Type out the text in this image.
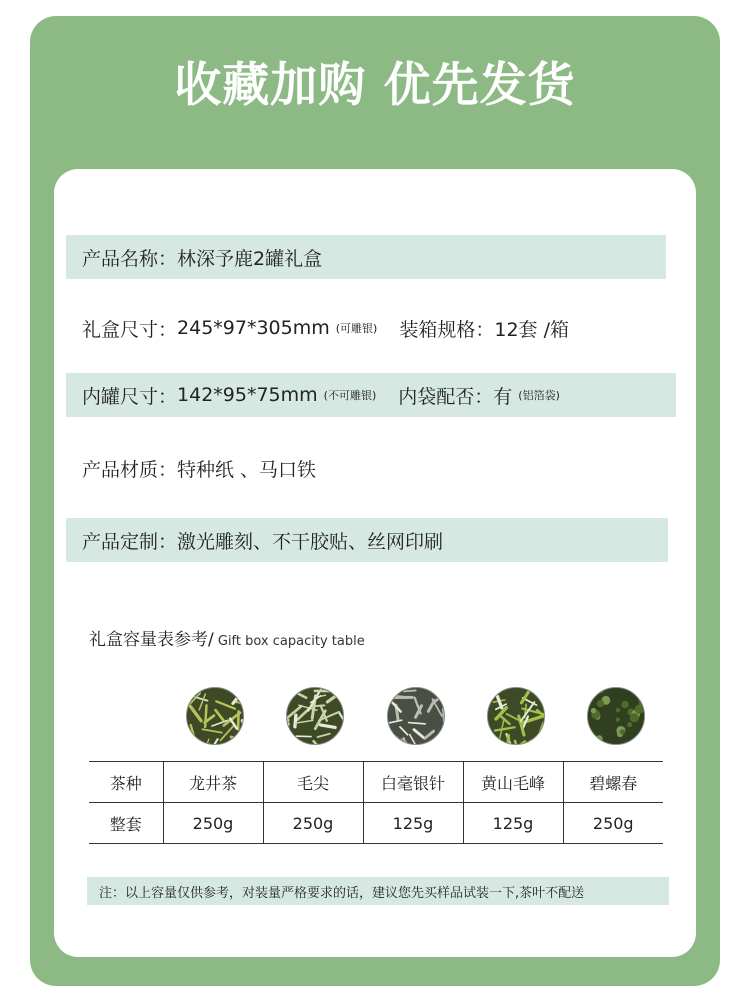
收藏加购 优先发货
产品名称： 林深予鹿2罐礼盒
礼盒尺寸： 245*97*305mm (可雕银) 装箱规格： 12套 /箱
内罐尺寸： 142*95*75mm (不可雕银) 内袋配否： 有 (铝箔袋)
产品材质： 特种纸 、马口铁
产品定制： 激光雕刻、不干胶贴、丝网印刷
礼盒容量表参考/ Gift box capacity table
茶种	龙井茶	毛尖	白毫银针	黄山毛峰	碧螺春
整套	250g	250g	125g	125g	250g
注：以上容量仅供参考，对装量严格要求的话，建议您先买样品试装一下,茶叶不配送
